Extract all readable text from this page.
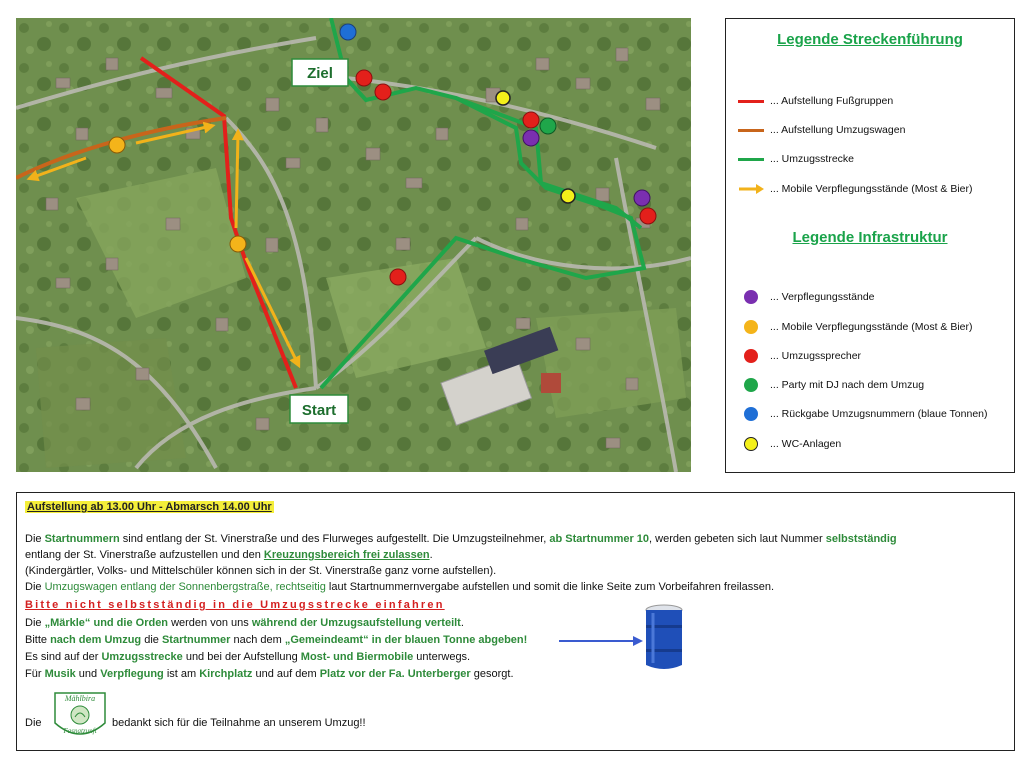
Ziel
Start
Legende Streckenführung
... Aufstellung Fußgruppen
... Aufstellung Umzugswagen
... Umzugsstrecke
... Mobile Verpflegungsstände (Most & Bier)
Legende Infrastruktur
... Verpflegungsstände
... Mobile Verpflegungsstände (Most & Bier)
... Umzugssprecher
... Party mit DJ nach dem Umzug
... Rückgabe Umzugsnummern (blaue Tonnen)
... WC-Anlagen
Aufstellung ab 13.00 Uhr - Abmarsch 14.00 Uhr
Die Startnummern sind entlang der St. Vinerstraße und des Flurweges aufgestellt. Die Umzugsteilnehmer, ab Startnummer 10, werden gebeten sich laut Nummer selbstständig
entlang der St. Vinerstraße aufzustellen und den Kreuzungsbereich frei zulassen.
(Kindergärtler, Volks- und Mittelschüler können sich in der St. Vinerstraße ganz vorne aufstellen).
Die Umzugswagen entlang der Sonnenbergstraße, rechtseitig laut Startnummernvergabe aufstellen und somit die linke Seite zum Vorbeifahren freilassen.
Bitte nicht selbstständig in die Umzugsstrecke einfahren
Die „Märkle“ und die Orden werden von uns während der Umzugsaufstellung verteilt.
Bitte nach dem Umzug die Startnummer nach dem „Gemeindeamt“ in der blauen Tonne abgeben!
Es sind auf der Umzugsstrecke und bei der Aufstellung Most- und Biermobile unterwegs.
Für Musik und Verpflegung ist am Kirchplatz und auf dem Platz vor der Fa. Unterberger gesorgt.
Die
Mählbira
Fasnatzunft
bedankt sich für die Teilnahme an unserem Umzug!!
